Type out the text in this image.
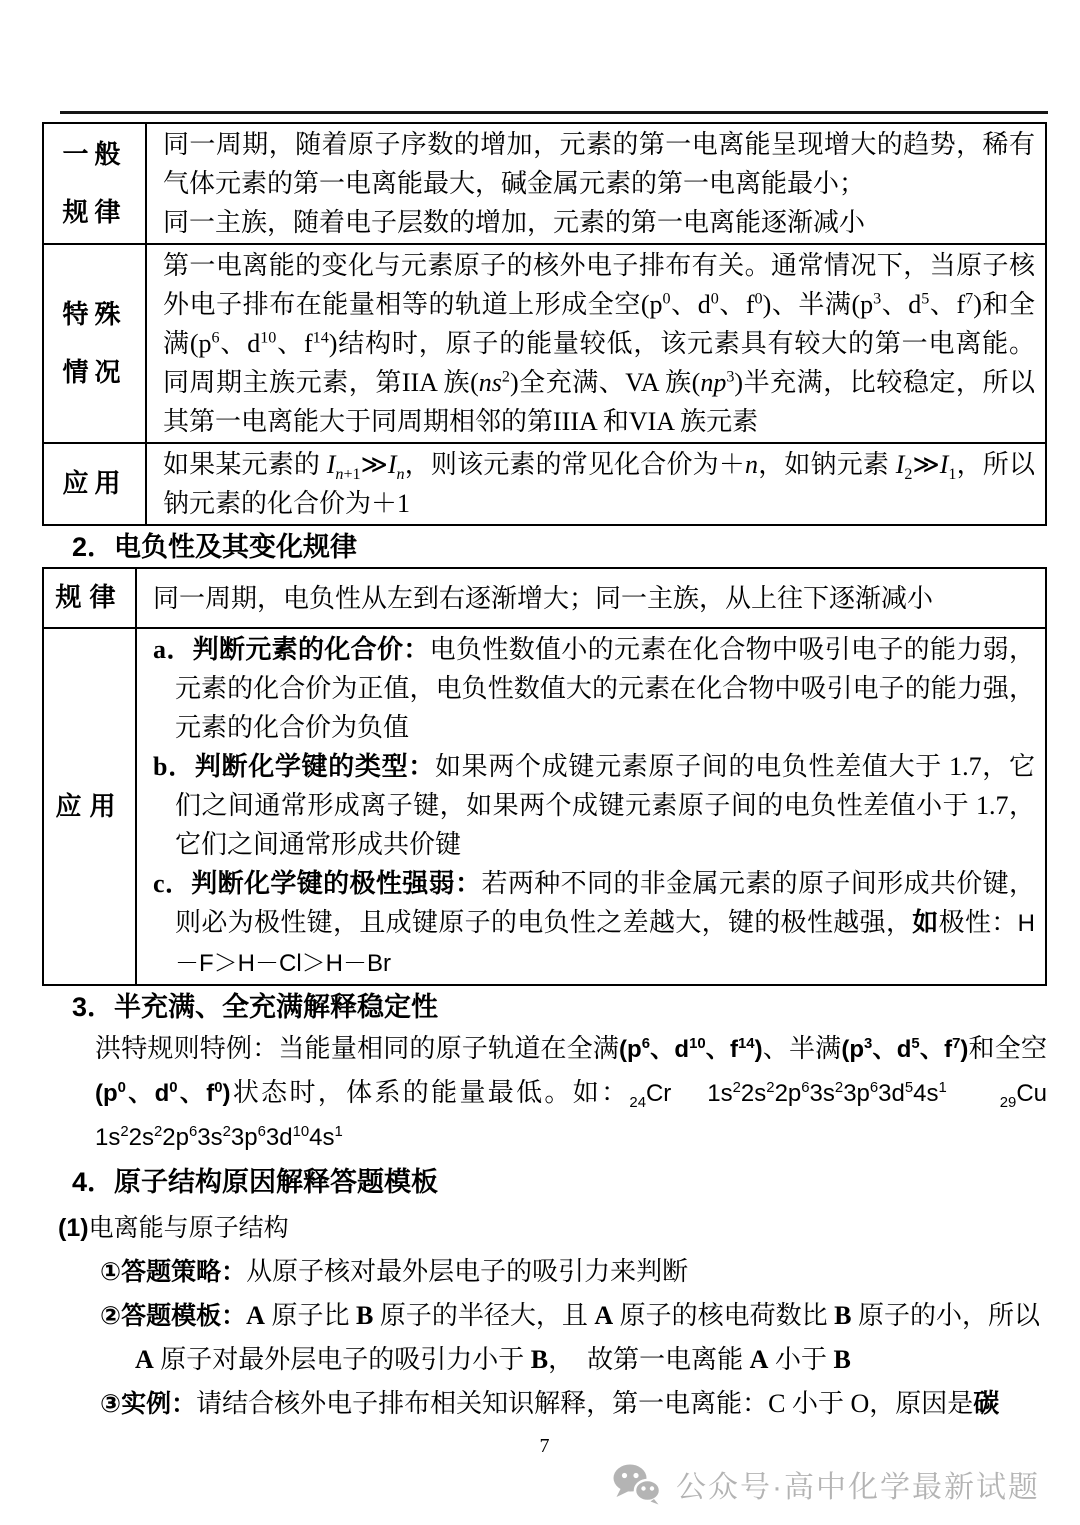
一般规律	同一周期，随着原子序数的增加，元素的第一电离能呈现增大的趋势，稀有气体元素的第一电离能最大，碱金属元素的第一电离能最小；

同一主族，随着电子层数的增加，元素的第一电离能逐渐减小

特殊情况	第一电离能的变化与元素原子的核外电子排布有关。通常情况下，当原子核外电子排布在能量相等的轨道上形成全空($p^0$、$d^0$、$f^0$)、半满($p^3$、$d^5$、$f^7$)和全满($p^6$、$d^{10}$、$f^{14}$)结构时，原子的能量较低，该元素具有较大的第一电离能。同周期主族元素，第IIA 族$(ns^2)$全充满、VA 族$(np^3)$半充满，比较稳定，所以其第一电离能大于同周期相邻的第IIIA 和VIA 族元素

应用	如果某元素的 $I_{n+1}≫I_n$，则该元素的常见化合价为＋n，如钠元素 $I_2≫I_1$，所以钠元素的化合价为＋1

2．电负性及其变化规律
规律	同一周期，电负性从左到右逐渐增大；同一主族，从上往下逐渐减小

应用	a．判断元素的化合价：电负性数值小的元素在化合物中吸引电子的能力弱，元素的化合价为正值，电负性数值大的元素在化合物中吸引电子的能力强，元素的化合价为负值

b．判断化学键的类型：如果两个成键元素原子间的电负性差值大于 1.7，它们之间通常形成离子键，如果两个成键元素原子间的电负性差值小于 1.7，它们之间通常形成共价键

c．判断化学键的极性强弱：若两种不同的非金属元素的原子间形成共价键，则必为极性键，且成键原子的电负性之差越大，键的极性越强，如极性：H－F＞H－Cl＞H－Br

3．半充满、全充满解释稳定性
洪特规则特例：当能量相同的原子轨道在全满($p^6$、$d^{10}$、$f^{14}$)、半满($p^3$、$d^5$、$f^7$)和全空($p^0$、$d^0$、$f^0$)状态时，体系的能量最低。如：$_{24}$Cr    $1s^22s^22p^63s^23p^63d^54s^1$      $_{29}$Cu $1s^22s^22p^63s^23p^63d^{10}4s^1$
4．原子结构原因解释答题模板
(1)电离能与原子结构
①答题策略：从原子核对最外层电子的吸引力来判断
②答题模板：A 原子比 B 原子的半径大，且 A 原子的核电荷数比 B 原子的小，所以 A 原子对最外层电子的吸引力小于 B，  故第一电离能 A 小于 B
③实例：请结合核外电子排布相关知识解释，第一电离能：C 小于 O，原因是碳
7
公众号·高中化学最新试题
